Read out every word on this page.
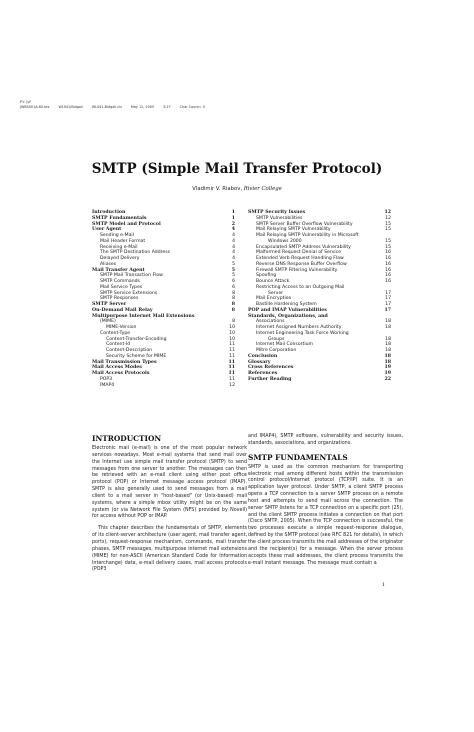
P1: JyF
JWBS001A-60.tex	WL041/Bidgoli	WL041-Bidgoli.cls	May 12, 2005	3:27	Char Count= 0
SMTP (Simple Mail Transfer Protocol)
Vladimir V. Riabov, Rivier College
Introduction	1
SMTP Fundamentals	1
SMTP Model and Protocol	2
User Agent	4
Sending e-Mail	4
Mail Header Format	4
Receiving e-Mail	4
The SMTP Destination Address	4
Delayed Delivery	4
Aliases	5
Mail Transfer Agent	5
SMTP Mail Transaction Flow	5
SMTP Commands	6
Mail Service Types	6
SMTP Service Extensions	8
SMTP Responses	8
SMTP Server	8
On-Demand Mail Relay	8
Multipurpose Internet Mail Extensions
(MIME)	8
MIME-Version	10
Content-Type	10
Content-Transfer-Encoding	10
Content-Id	11
Content-Description	11
Security Scheme for MIME	11
Mail Transmission Types	11
Mail Access Modes	11
Mail Access Protocols	11
POP3	11
IMAP4	12
SMTP Security Issues	12
SMTP Vulnerabilities	12
SMTP Server Buffer Overflow Vulnerability	15
Mail Relaying SMTP Vulnerability	15
Mail Relaying SMTP Vulnerability in Microsoft
Windows 2000	15
Encapsulated SMTP Address Vulnerability	15
Malformed Request Denial of Service	16
Extended Verb Request Handling Flaw	16
Reverse DNS Response Buffer Overflow	16
Firewall SMTP Filtering Vulnerability	16
Spoofing	16
Bounce Attack	16
Restricting Access to an Outgoing Mail
Server	17
Mail Encryption	17
Bastille Hardening System	17
POP and IMAP Vulnerabilities	17
Standards, Organizations, and
Associations	18
Internet Assigned Numbers Authority	18
Internet Engineering Task Force Working
Groups	18
Internet Mail Consortium	18
Mitre Corporation	18
Conclusion	18
Glossary	18
Cross References	19
References	19
Further Reading	22
INTRODUCTION

Electronic mail (e-mail) is one of the most popular network services nowadays. Most e-mail systems that send mail over the Internet use simple mail transfer protocol (SMTP) to send messages from one server to another. The messages can then be retrieved with an e-mail client using either post office protocol (POP) or Internet message access protocol (IMAP). SMTP is also generally used to send messages from a mail client to a mail server in "host-based" (or Unix-based) mail systems, where a simple mbox utility might be on the same system (or via Network File System (NFS) provided by Novell) for access without POP or IMAP.

This chapter describes the fundamentals of SMTP, elements of its client-server architecture (user agent, mail transfer agent, ports), request-response mechanism, commands, mail transfer phases, SMTP messages, multipurpose internet mail extensions (MIME) for non-ASCII (American Standard Code for Information Interchange) data, e-mail delivery cases, mail access protocols (POP3

and IMAP4), SMTP software, vulnerability and security issues, standards, associations, and organizations.

SMTP FUNDAMENTALS

SMTP is used as the common mechanism for transporting electronic mail among different hosts within the transmission control protocol/Internet protocol (TCP/IP) suite. It is an application layer protocol. Under SMTP, a client SMTP process opens a TCP connection to a server SMTP process on a remote host and attempts to send mail across the connection. The server SMTP listens for a TCP connection on a specific port (25), and the client SMTP process initiates a connection on that port (Cisco SMTP, 2005). When the TCP connection is successful, the two processes execute a simple request-response dialogue, defined by the SMTP protocol (see RFC 821 for details), in which the client process transmits the mail addresses of the originator and the recipient(s) for a message. When the server process accepts these mail addresses, the client process transmits the e-mail instant message. The message must contain a

1
